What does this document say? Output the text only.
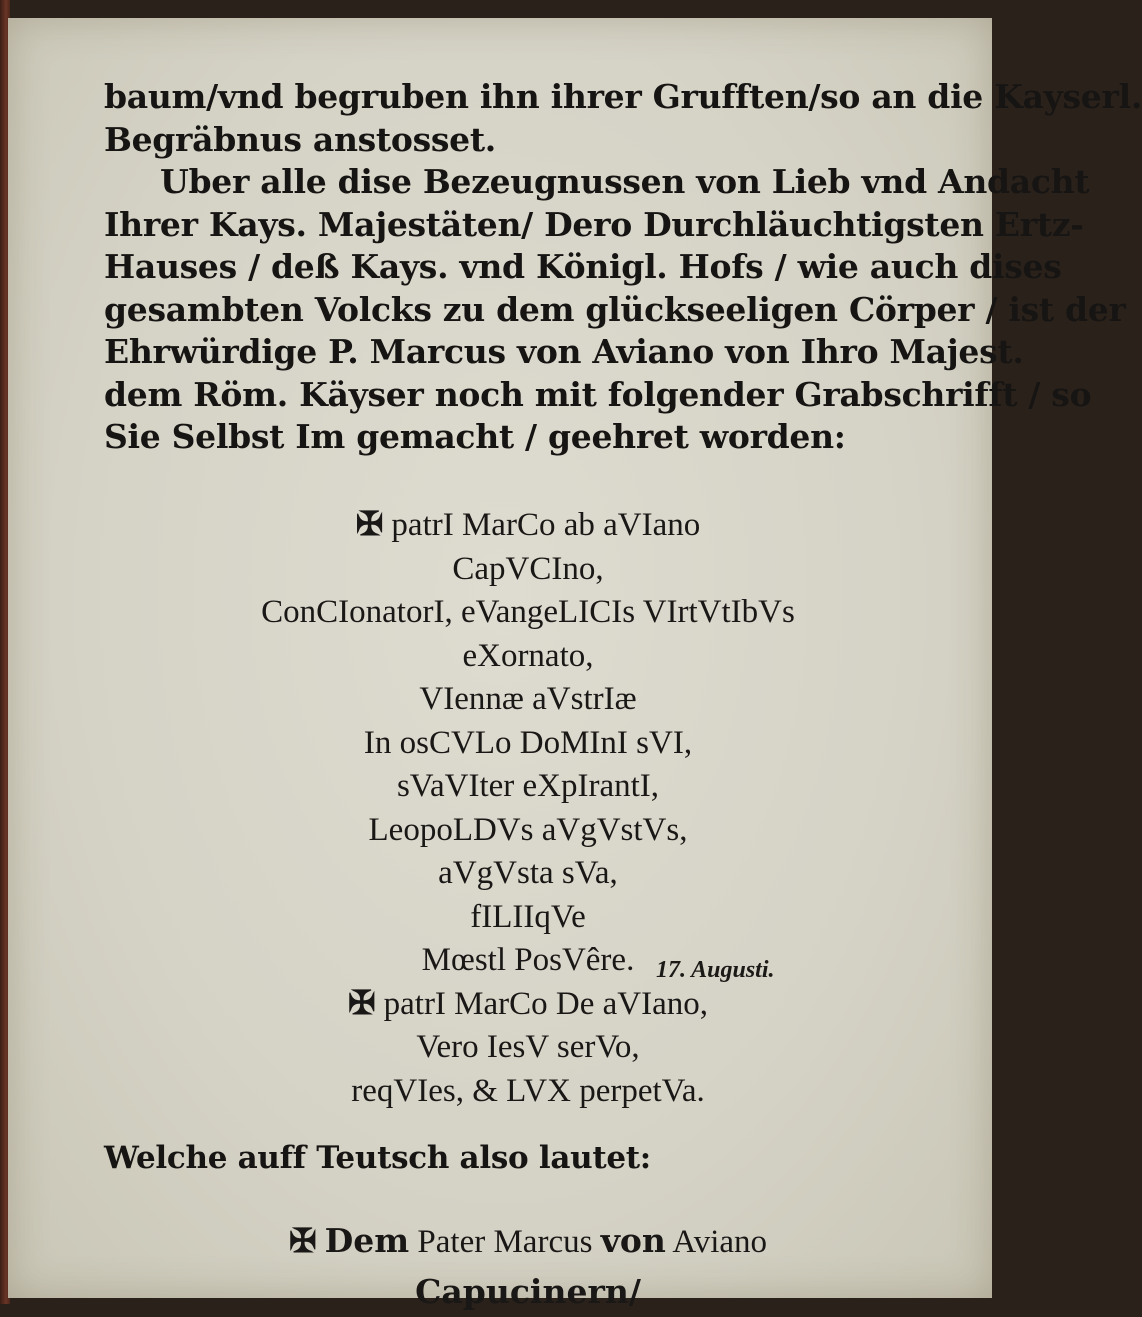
baum/vnd begruben ihn ihrer Grufften/so an die Kayserl.
Begräbnus anstosset.
Uber alle dise Bezeugnussen von Lieb vnd Andacht
Ihrer Kays. Majestäten/ Dero Durchläuchtigsten Ertz-
Hauses / deß Kays. vnd Königl. Hofs / wie auch dises
gesambten Volcks zu dem glückseeligen Cörper / ist der
Ehrwürdige P. Marcus von Aviano von Ihro Majest.
dem Röm. Käyser noch mit folgender Grabschrifft / so
Sie Selbst Im gemacht / geehret worden:
✠ patrI MarCo ab aVIano
CapVCIno,
ConCIonatorI, eVangeLICIs VIrtVtIbVs
eXornato,
VIennæ aVstrIæ
In osCVLo DoMInI sVI,
sVaVIter eXpIrantI,
LeopoLDVs aVgVstVs,
aVgVsta sVa,
fILIIqVe
Mœstl PosVêre. 17. Augusti.
✠ patrI MarCo De aVIano,
Vero IesV serVo,
reqVIes, & LVX perpetVa.
Welche auff Teutsch also lautet:
✠ Dem Pater Marcus von Aviano
Capucinern/
